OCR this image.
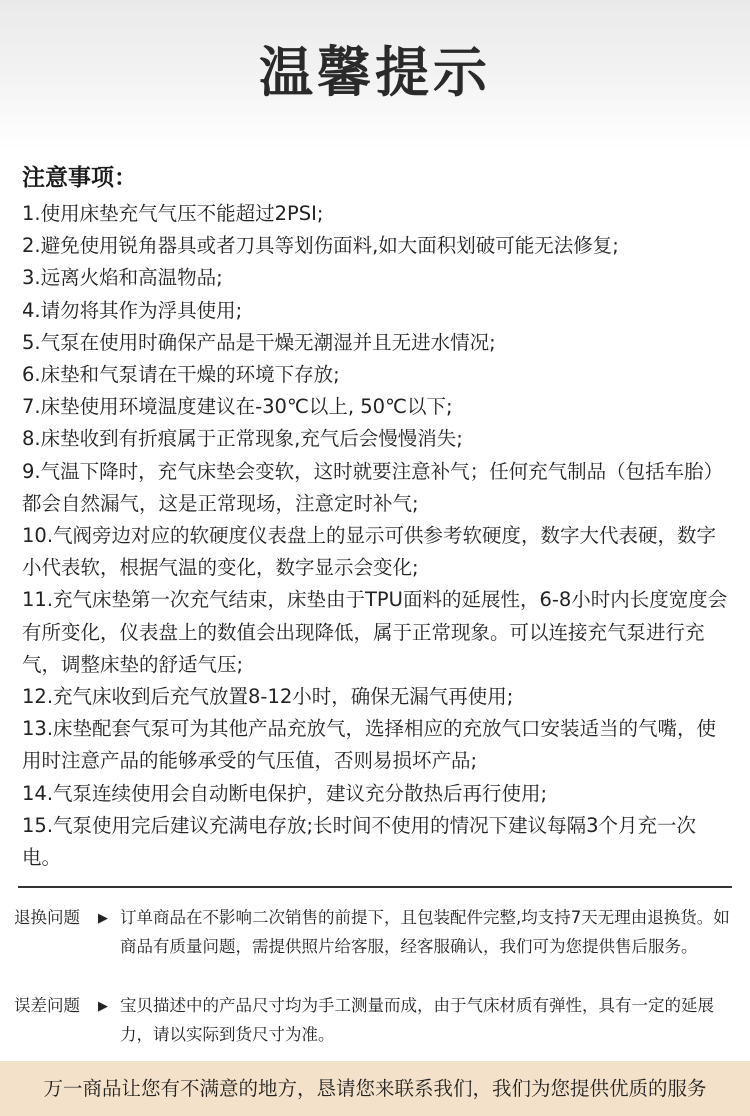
温馨提示
注意事项：
1.使用床垫充气气压不能超过2PSI;
2.避免使用锐角器具或者刀具等划伤面料,如大面积划破可能无法修复;
3.远离火焰和高温物品;
4.请勿将其作为浮具使用;
5.气泵在使用时确保产品是干燥无潮湿并且无进水情况;
6.床垫和气泵请在干燥的环境下存放;
7.床垫使用环境温度建议在-30℃以上, 50℃以下;
8.床垫收到有折痕属于正常现象,充气后会慢慢消失;
9.气温下降时，充气床垫会变软，这时就要注意补气；任何充气制品（包括车胎）都会自然漏气，这是正常现场，注意定时补气;
10.气阀旁边对应的软硬度仪表盘上的显示可供参考软硬度，数字大代表硬，数字小代表软，根据气温的变化，数字显示会变化;
11.充气床垫第一次充气结束，床垫由于TPU面料的延展性，6-8小时内长度宽度会有所变化，仪表盘上的数值会出现降低，属于正常现象。可以连接充气泵进行充气，调整床垫的舒适气压;
12.充气床收到后充气放置8-12小时，确保无漏气再使用;
13.床垫配套气泵可为其他产品充放气，选择相应的充放气口安装适当的气嘴，使用时注意产品的能够承受的气压值，否则易损坏产品;
14.气泵连续使用会自动断电保护，建议充分散热后再行使用;
15.气泵使用完后建议充满电存放;长时间不使用的情况下建议每隔3个月充一次电。
退换问题	▶ 订单商品在不影响二次销售的前提下，且包装配件完整,均支持7天无理由退换货。如商品有质量问题，需提供照片给客服，经客服确认，我们可为您提供售后服务。
误差问题	▶ 宝贝描述中的产品尺寸均为手工测量而成，由于气床材质有弹性，具有一定的延展力，请以实际到货尺寸为准。
万一商品让您有不满意的地方，恳请您来联系我们，我们为您提供优质的服务
